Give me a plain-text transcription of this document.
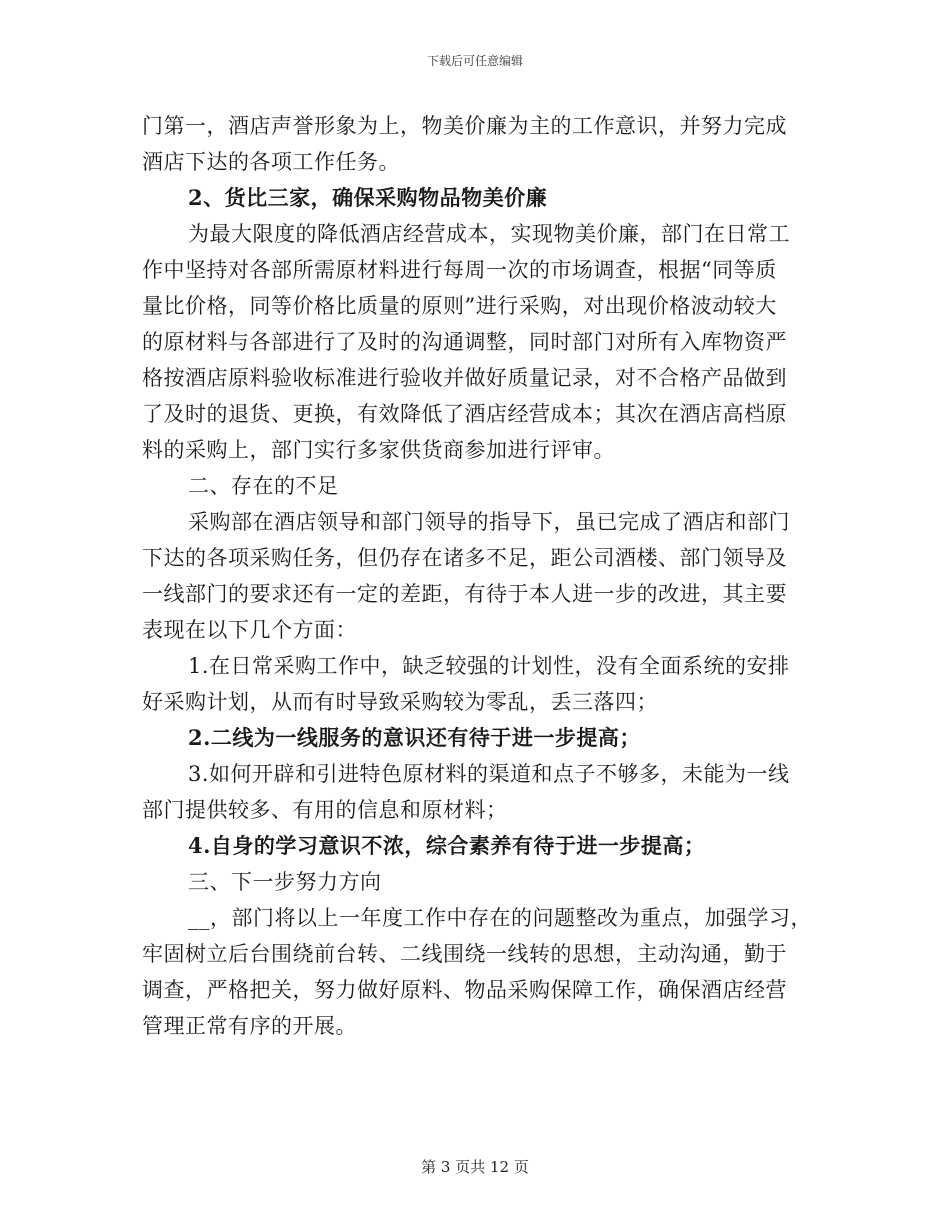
下载后可任意编辑
门第一，酒店声誉形象为上，物美价廉为主的工作意识，并努力完成
酒店下达的各项工作任务。
2、货比三家，确保采购物品物美价廉
为最大限度的降低酒店经营成本，实现物美价廉，部门在日常工
作中坚持对各部所需原材料进行每周一次的市场调查，根据“同等质
量比价格，同等价格比质量的原则”进行采购，对出现价格波动较大
的原材料与各部进行了及时的沟通调整，同时部门对所有入库物资严
格按酒店原料验收标准进行验收并做好质量记录，对不合格产品做到
了及时的退货、更换，有效降低了酒店经营成本；其次在酒店高档原
料的采购上，部门实行多家供货商参加进行评审。
二、存在的不足
采购部在酒店领导和部门领导的指导下，虽已完成了酒店和部门
下达的各项采购任务，但仍存在诸多不足，距公司酒楼、部门领导及
一线部门的要求还有一定的差距，有待于本人进一步的改进，其主要
表现在以下几个方面：
1.在日常采购工作中，缺乏较强的计划性，没有全面系统的安排
好采购计划，从而有时导致采购较为零乱，丢三落四；
2.二线为一线服务的意识还有待于进一步提高；
3.如何开辟和引进特色原材料的渠道和点子不够多，未能为一线
部门提供较多、有用的信息和原材料；
4.自身的学习意识不浓，综合素养有待于进一步提高；
三、下一步努力方向
__，部门将以上一年度工作中存在的问题整改为重点，加强学习，
牢固树立后台围绕前台转、二线围绕一线转的思想，主动沟通，勤于
调查，严格把关，努力做好原料、物品采购保障工作，确保酒店经营
管理正常有序的开展。
第 3 页共 12 页
